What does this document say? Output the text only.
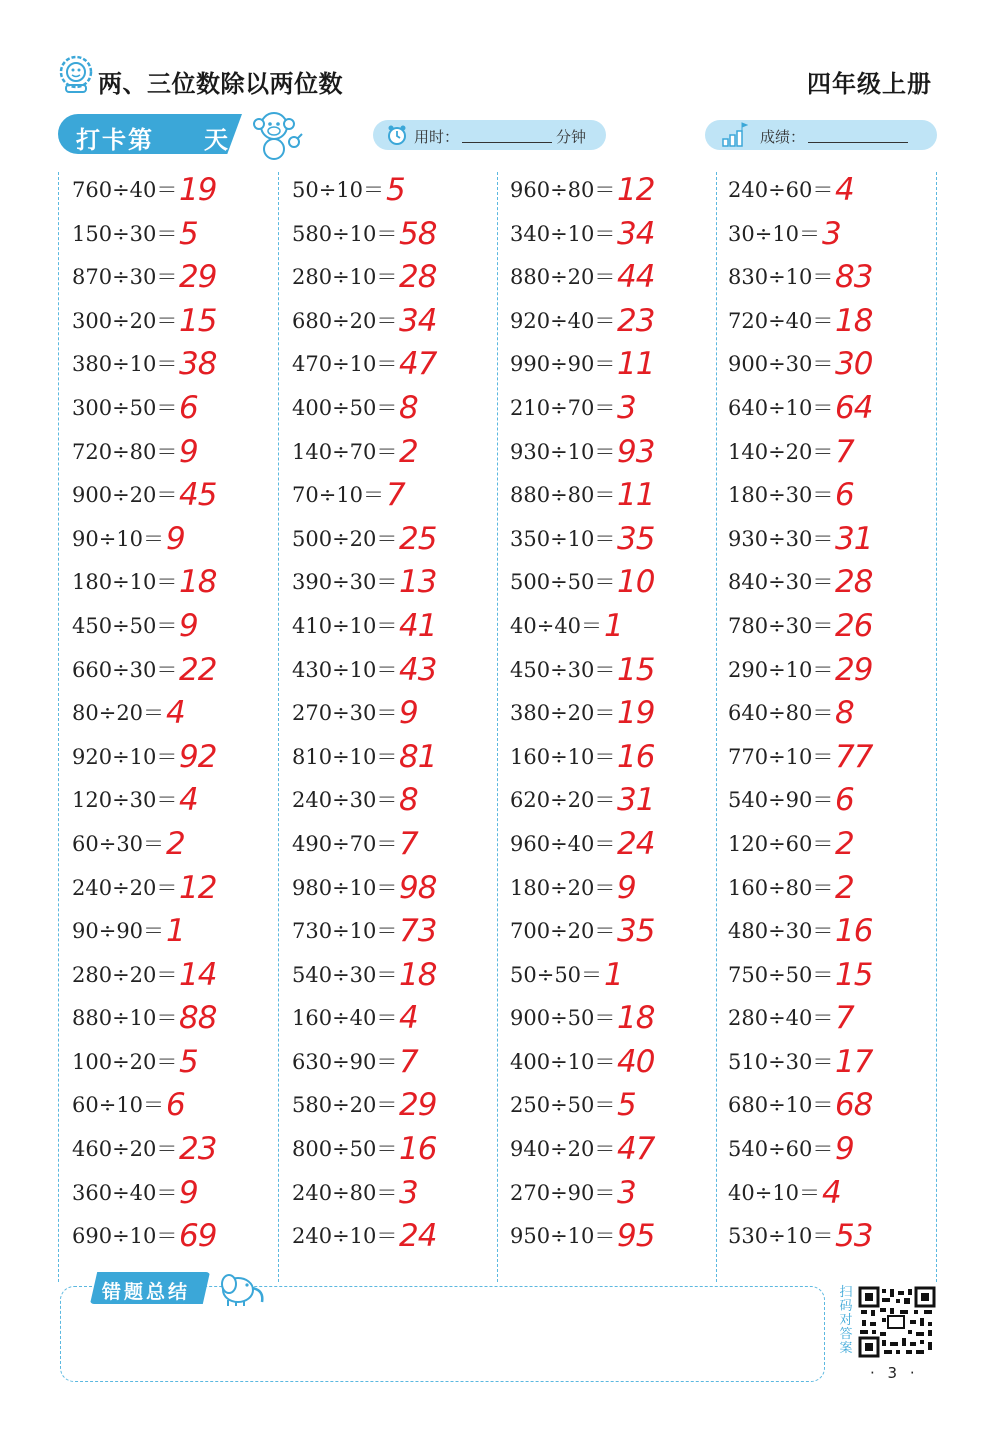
两、三位数除以两位数	四年级上册
打卡第 天	用时：	分钟	成绩：
760÷40＝ 19
150÷30＝ 5
870÷30＝ 29
300÷20＝ 15
380÷10＝ 38
300÷50＝ 6
720÷80＝ 9
900÷20＝ 45
90÷10＝ 9
180÷10＝ 18
450÷50＝ 9
660÷30＝ 22
80÷20＝ 4
920÷10＝ 92
120÷30＝ 4
60÷30＝ 2
240÷20＝ 12
90÷90＝ 1
280÷20＝ 14
880÷10＝ 88
100÷20＝ 5
60÷10＝ 6
460÷20＝ 23
360÷40＝ 9
690÷10＝ 69
50÷10＝ 5
580÷10＝ 58
280÷10＝ 28
680÷20＝ 34
470÷10＝ 47
400÷50＝ 8
140÷70＝ 2
70÷10＝ 7
500÷20＝ 25
390÷30＝ 13
410÷10＝ 41
430÷10＝ 43
270÷30＝ 9
810÷10＝ 81
240÷30＝ 8
490÷70＝ 7
980÷10＝ 98
730÷10＝ 73
540÷30＝ 18
160÷40＝ 4
630÷90＝ 7
580÷20＝ 29
800÷50＝ 16
240÷80＝ 3
240÷10＝ 24
960÷80＝ 12
340÷10＝ 34
880÷20＝ 44
920÷40＝ 23
990÷90＝ 11
210÷70＝ 3
930÷10＝ 93
880÷80＝ 11
350÷10＝ 35
500÷50＝ 10
40÷40＝ 1
450÷30＝ 15
380÷20＝ 19
160÷10＝ 16
620÷20＝ 31
960÷40＝ 24
180÷20＝ 9
700÷20＝ 35
50÷50＝ 1
900÷50＝ 18
400÷10＝ 40
250÷50＝ 5
940÷20＝ 47
270÷90＝ 3
950÷10＝ 95
240÷60＝ 4
30÷10＝ 3
830÷10＝ 83
720÷40＝ 18
900÷30＝ 30
640÷10＝ 64
140÷20＝ 7
180÷30＝ 6
930÷30＝ 31
840÷30＝ 28
780÷30＝ 26
290÷10＝ 29
640÷80＝ 8
770÷10＝ 77
540÷90＝ 6
120÷60＝ 2
160÷80＝ 2
480÷30＝ 16
750÷50＝ 15
280÷40＝ 7
510÷30＝ 17
680÷10＝ 68
540÷60＝ 9
40÷10＝ 4
530÷10＝ 53
错题总结	扫码对答案
· 3 ·
